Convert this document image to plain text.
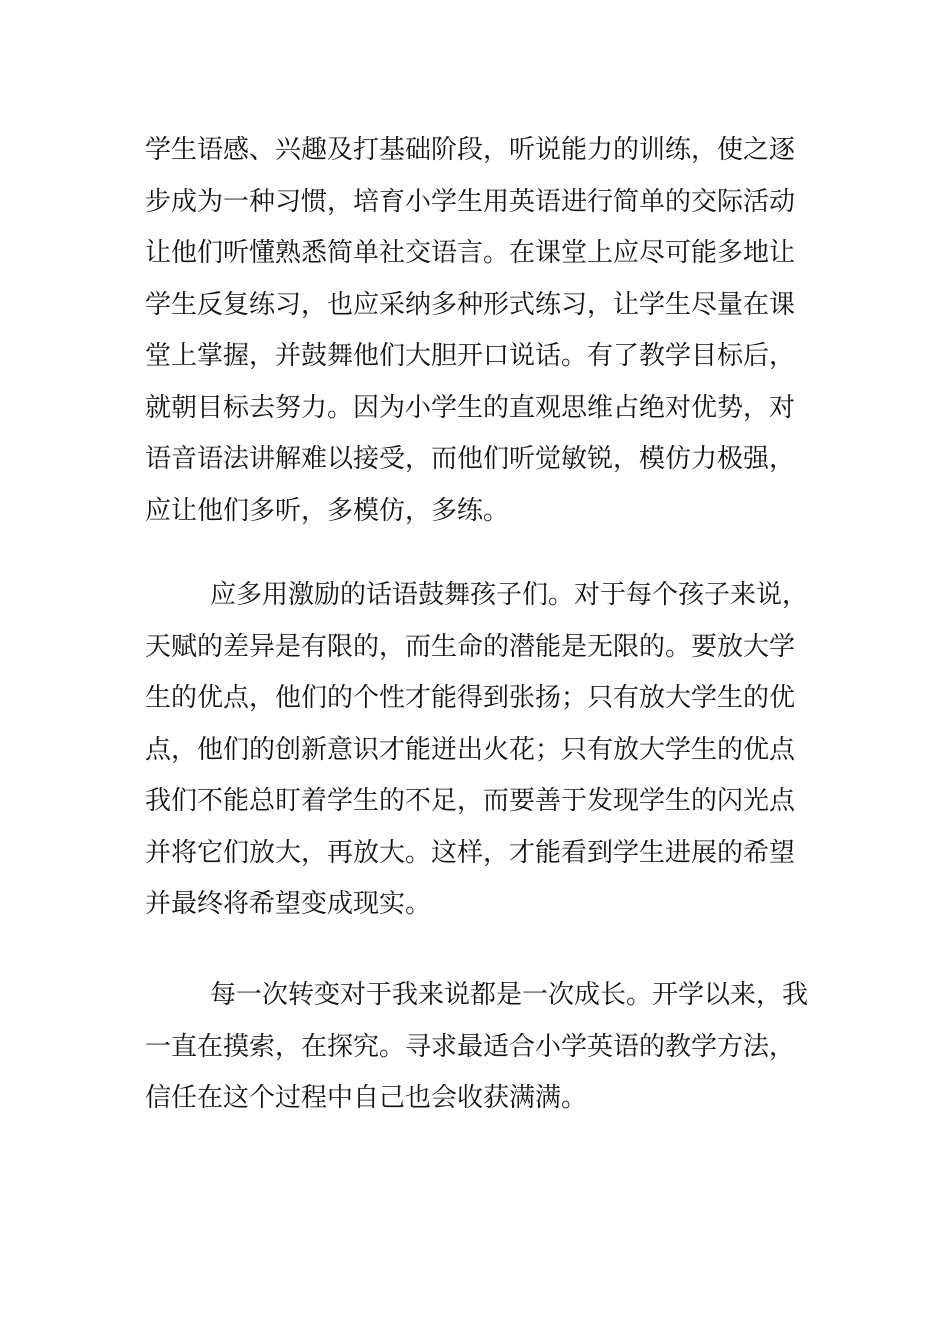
学生语感、兴趣及打基础阶段，听说能力的训练，使之逐
步成为一种习惯，培育小学生用英语进行简单的交际活动
让他们听懂熟悉简单社交语言。在课堂上应尽可能多地让
学生反复练习，也应采纳多种形式练习，让学生尽量在课
堂上掌握，并鼓舞他们大胆开口说话。有了教学目标后，
就朝目标去努力。因为小学生的直观思维占绝对优势，对
语音语法讲解难以接受，而他们听觉敏锐，模仿力极强，
应让他们多听，多模仿，多练。
应多用激励的话语鼓舞孩子们。对于每个孩子来说，
天赋的差异是有限的，而生命的潜能是无限的。要放大学
生的优点，他们的个性才能得到张扬；只有放大学生的优
点，他们的创新意识才能迸出火花；只有放大学生的优点
我们不能总盯着学生的不足，而要善于发现学生的闪光点
并将它们放大，再放大。这样，才能看到学生进展的希望
并最终将希望变成现实。
每一次转变对于我来说都是一次成长。开学以来，我
一直在摸索，在探究。寻求最适合小学英语的教学方法，
信任在这个过程中自己也会收获满满。
